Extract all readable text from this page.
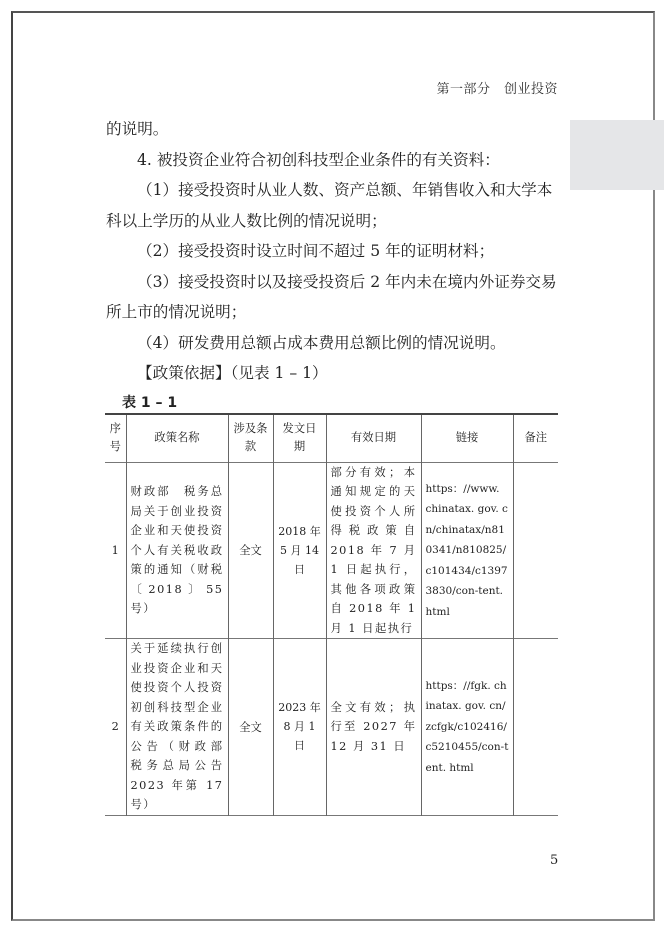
第一部分　创业投资

的说明。

4. 被投资企业符合初创科技型企业条件的有关资料：

（1）接受投资时从业人数、资产总额、年销售收入和大学本

科以上学历的从业人数比例的情况说明；

（2）接受投资时设立时间不超过 5 年的证明材料；

（3）接受投资时以及接受投资后 2 年内未在境内外证券交易

所上市的情况说明；

（4）研发费用总额占成本费用总额比例的情况说明。

【政策依据】（见表 1 – 1）

表 1 – 1
序号	政策名称	涉及条款	发文日期	有效日期	链接	备注
1	财政部　税务总局关于创业投资企业和天使投资个人有关税收政策的通知（财税〔2018〕55 号）	全文	2018 年 5 月 14 日	部分有效；本通知规定的天使投资个人所得税政策自 2018 年 7 月 1 日起执行，其他各项政策自 2018 年 1 月 1 日起执行	https：//www. chinatax. gov. cn/chinatax/n810341/n810825/c101434/c13973830/con-tent. html	
2	关于延续执行创业投资企业和天使投资个人投资初创科技型企业有关政策条件的公告（财政部　税务总局公告 2023 年第 17 号）	全文	2023 年 8 月 1 日	全文有效；执行至 2027 年 12 月 31 日	https：//fgk. chinatax. gov. cn/zcfgk/c102416/c5210455/con-tent. html	
5
